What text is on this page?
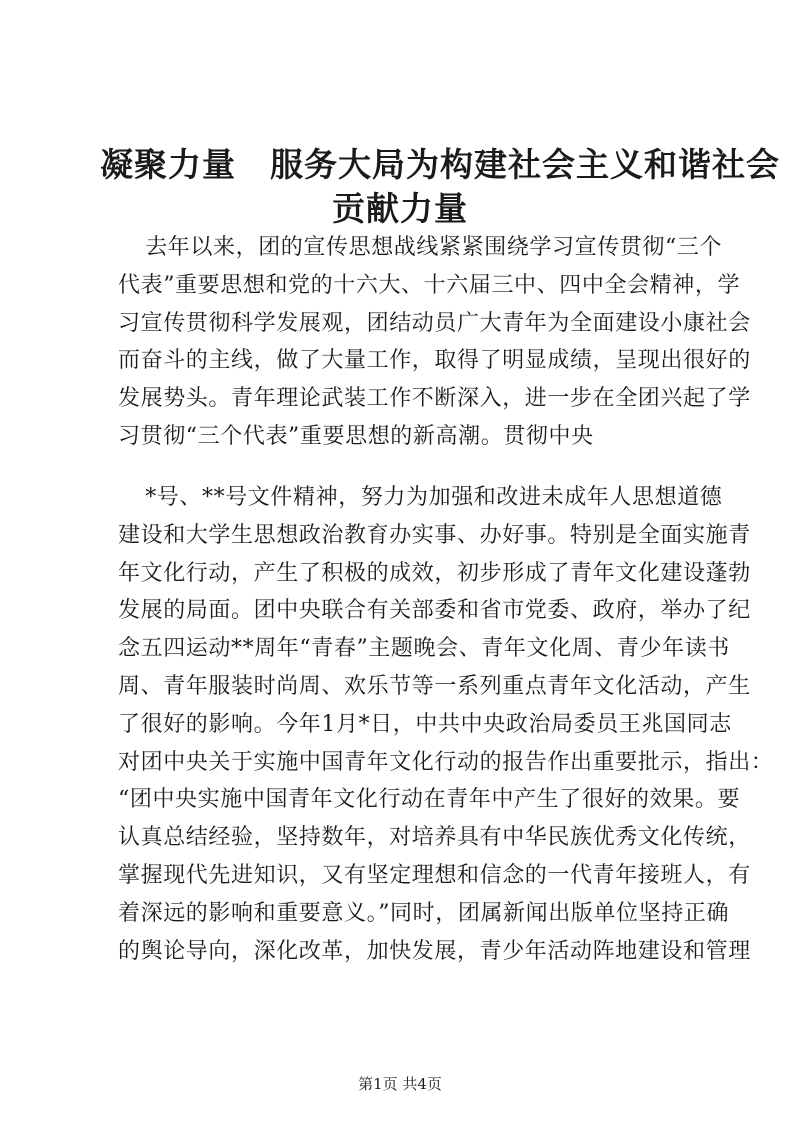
凝聚力量　服务大局为构建社会主义和谐社会
贡献力量
　　去年以来，团的宣传思想战线紧紧围绕学习宣传贯彻“三个
代表”重要思想和党的十六大、十六届三中、四中全会精神，学
习宣传贯彻科学发展观，团结动员广大青年为全面建设小康社会
而奋斗的主线，做了大量工作，取得了明显成绩，呈现出很好的
发展势头。青年理论武装工作不断深入，进一步在全团兴起了学
习贯彻“三个代表”重要思想的新高潮。贯彻中央
　　*号、**号文件精神，努力为加强和改进未成年人思想道德
建设和大学生思想政治教育办实事、办好事。特别是全面实施青
年文化行动，产生了积极的成效，初步形成了青年文化建设蓬勃
发展的局面。团中央联合有关部委和省市党委、政府，举办了纪
念五四运动**周年“青春”主题晚会、青年文化周、青少年读书
周、青年服装时尚周、欢乐节等一系列重点青年文化活动，产生
了很好的影响。今年1月*日，中共中央政治局委员王兆国同志
对团中央关于实施中国青年文化行动的报告作出重要批示，指出：
“团中央实施中国青年文化行动在青年中产生了很好的效果。要
认真总结经验，坚持数年，对培养具有中华民族优秀文化传统，
掌握现代先进知识，又有坚定理想和信念的一代青年接班人，有
着深远的影响和重要意义。”同时，团属新闻出版单位坚持正确
的舆论导向，深化改革，加快发展，青少年活动阵地建设和管理
第1页 共4页
